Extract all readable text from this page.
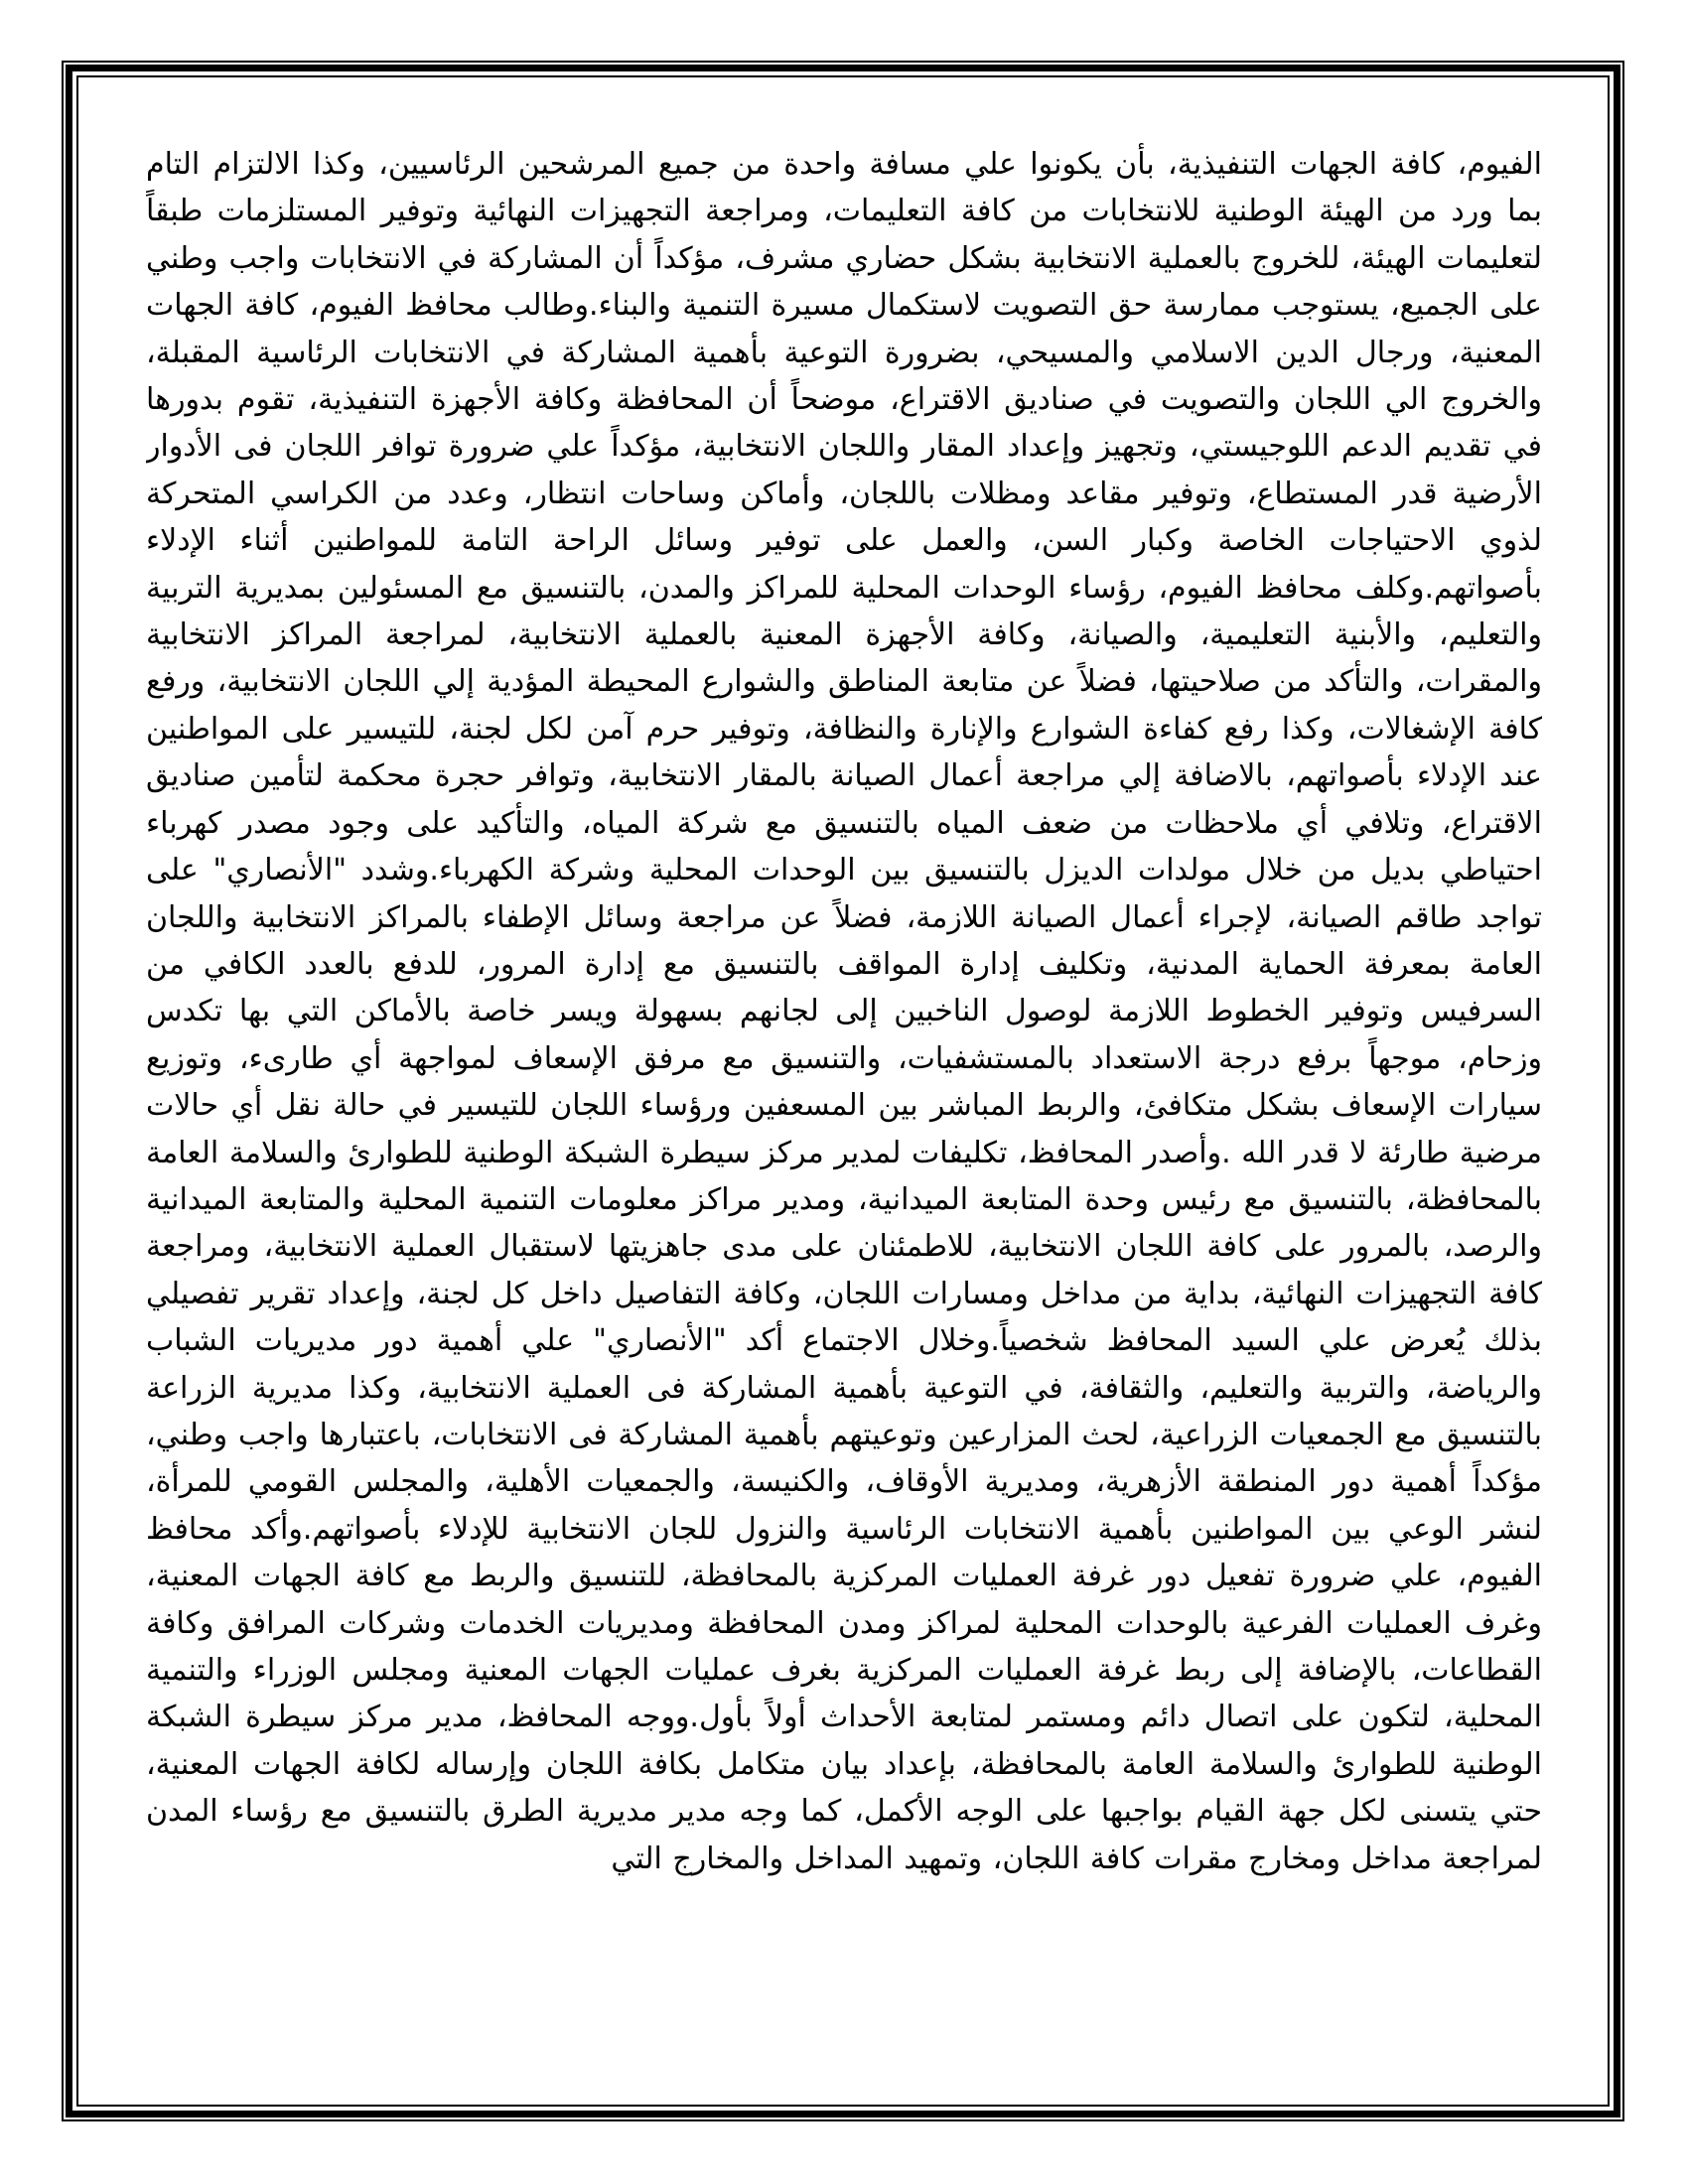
الفيوم، كافة الجهات التنفيذية، بأن يكونوا علي مسافة واحدة من جميع المرشحين الرئاسيين، وكذا الالتزام التام بما ورد من الهيئة الوطنية للانتخابات من كافة التعليمات، ومراجعة التجهيزات النهائية وتوفير المستلزمات طبقاً لتعليمات الهيئة، للخروج بالعملية الانتخابية بشكل حضاري مشرف، مؤكداً أن المشاركة في الانتخابات واجب وطني على الجميع، يستوجب ممارسة حق التصويت لاستكمال مسيرة التنمية والبناء.وطالب محافظ الفيوم، كافة الجهات المعنية، ورجال الدين الاسلامي والمسيحي، بضرورة التوعية بأهمية المشاركة في الانتخابات الرئاسية المقبلة، والخروج الي اللجان والتصويت في صناديق الاقتراع، موضحاً أن المحافظة وكافة الأجهزة التنفيذية، تقوم بدورها في تقديم الدعم اللوجيستي، وتجهيز وإعداد المقار واللجان الانتخابية، مؤكداً علي ضرورة توافر اللجان فى الأدوار الأرضية قدر المستطاع، وتوفير مقاعد ومظلات باللجان، وأماكن وساحات انتظار، وعدد من الكراسي المتحركة لذوي الاحتياجات الخاصة وكبار السن، والعمل على توفير وسائل الراحة التامة للمواطنين أثناء الإدلاء بأصواتهم.وكلف محافظ الفيوم، رؤساء الوحدات المحلية للمراكز والمدن، بالتنسيق مع المسئولين بمديرية التربية والتعليم، والأبنية التعليمية، والصيانة، وكافة الأجهزة المعنية بالعملية الانتخابية، لمراجعة المراكز الانتخابية والمقرات، والتأكد من صلاحيتها، فضلاً عن متابعة المناطق والشوارع المحيطة المؤدية إلي اللجان الانتخابية، ورفع كافة الإشغالات، وكذا رفع كفاءة الشوارع والإنارة والنظافة، وتوفير حرم آمن لكل لجنة، للتيسير على المواطنين عند الإدلاء بأصواتهم، بالاضافة إلي مراجعة أعمال الصيانة بالمقار الانتخابية، وتوافر حجرة محكمة لتأمين صناديق الاقتراع، وتلافي أي ملاحظات من ضعف المياه بالتنسيق مع شركة المياه، والتأكيد على وجود مصدر كهرباء احتياطي بديل من خلال مولدات الديزل بالتنسيق بين الوحدات المحلية وشركة الكهرباء.وشدد "الأنصاري" على تواجد طاقم الصيانة، لإجراء أعمال الصيانة اللازمة، فضلاً عن مراجعة وسائل الإطفاء بالمراكز الانتخابية واللجان العامة بمعرفة الحماية المدنية، وتكليف إدارة المواقف بالتنسيق مع إدارة المرور، للدفع بالعدد الكافي من السرفيس وتوفير الخطوط اللازمة لوصول الناخبين إلى لجانهم بسهولة ويسر خاصة بالأماكن التي بها تكدس وزحام، موجهاً برفع درجة الاستعداد بالمستشفيات، والتنسيق مع مرفق الإسعاف لمواجهة أي طارىء، وتوزيع سيارات الإسعاف بشكل متكافئ، والربط المباشر بين المسعفين ورؤساء اللجان للتيسير في حالة نقل أي حالات مرضية طارئة لا قدر الله .وأصدر المحافظ، تكليفات لمدير مركز سيطرة الشبكة الوطنية للطوارئ والسلامة العامة بالمحافظة، بالتنسيق مع رئيس وحدة المتابعة الميدانية، ومدير مراكز معلومات التنمية المحلية والمتابعة الميدانية والرصد، بالمرور على كافة اللجان الانتخابية، للاطمئنان على مدى جاهزيتها لاستقبال العملية الانتخابية، ومراجعة كافة التجهيزات النهائية، بداية من مداخل ومسارات اللجان، وكافة التفاصيل داخل كل لجنة، وإعداد تقرير تفصيلي بذلك يُعرض علي السيد المحافظ شخصياً.وخلال الاجتماع أكد "الأنصاري" علي أهمية دور مديريات الشباب والرياضة، والتربية والتعليم، والثقافة، في التوعية بأهمية المشاركة فى العملية الانتخابية، وكذا مديرية الزراعة بالتنسيق مع الجمعيات الزراعية، لحث المزارعين وتوعيتهم بأهمية المشاركة فى الانتخابات، باعتبارها واجب وطني، مؤكداً أهمية دور المنطقة الأزهرية، ومديرية الأوقاف، والكنيسة، والجمعيات الأهلية، والمجلس القومي للمرأة، لنشر الوعي بين المواطنين بأهمية الانتخابات الرئاسية والنزول للجان الانتخابية للإدلاء بأصواتهم.وأكد محافظ الفيوم، علي ضرورة تفعيل دور غرفة العمليات المركزية بالمحافظة، للتنسيق والربط مع كافة الجهات المعنية، وغرف العمليات الفرعية بالوحدات المحلية لمراكز ومدن المحافظة ومديريات الخدمات وشركات المرافق وكافة القطاعات، بالإضافة إلى ربط غرفة العمليات المركزية بغرف عمليات الجهات المعنية ومجلس الوزراء والتنمية المحلية، لتكون على اتصال دائم ومستمر لمتابعة الأحداث أولاً بأول.ووجه المحافظ، مدير مركز سيطرة الشبكة الوطنية للطوارئ والسلامة العامة بالمحافظة، بإعداد بيان متكامل بكافة اللجان وإرساله لكافة الجهات المعنية، حتي يتسنى لكل جهة القيام بواجبها على الوجه الأكمل، كما وجه مدير مديرية الطرق بالتنسيق مع رؤساء المدن لمراجعة مداخل ومخارج مقرات كافة اللجان، وتمهيد المداخل والمخارج التي
